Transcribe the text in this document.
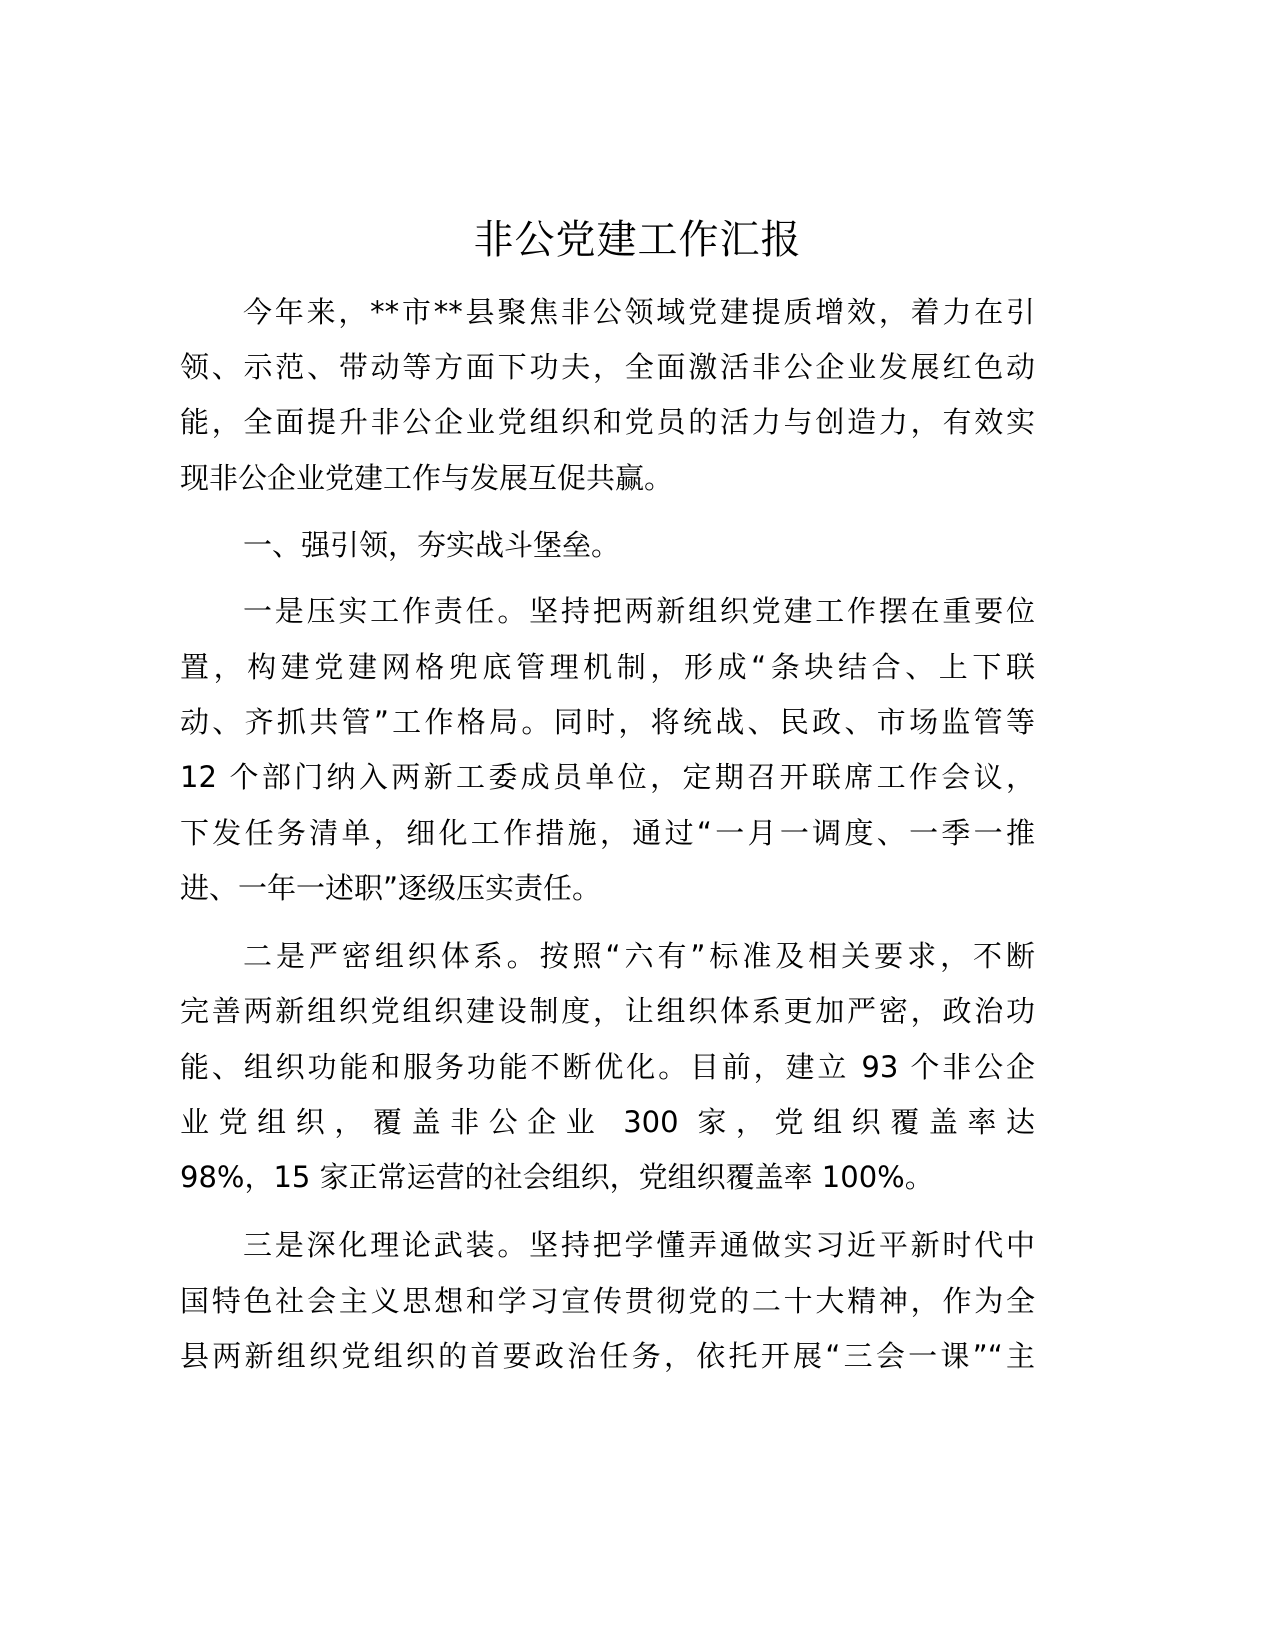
非公党建工作汇报
今年来，**市**县聚焦非公领域党建提质增效，着力在引
领、示范、带动等方面下功夫，全面激活非公企业发展红色动
能，全面提升非公企业党组织和党员的活力与创造力，有效实
现非公企业党建工作与发展互促共赢。
一、强引领，夯实战斗堡垒。
一是压实工作责任。坚持把两新组织党建工作摆在重要位
置，构建党建网格兜底管理机制，形成“条块结合、上下联
动、齐抓共管”工作格局。同时，将统战、民政、市场监管等
12 个部门纳入两新工委成员单位，定期召开联席工作会议，
下发任务清单，细化工作措施，通过“一月一调度、一季一推
进、一年一述职”逐级压实责任。
二是严密组织体系。按照“六有”标准及相关要求，不断
完善两新组织党组织建设制度，让组织体系更加严密，政治功
能、组织功能和服务功能不断优化。目前，建立 93 个非公企
业党组织，覆盖非公企业 300 家，党组织覆盖率达
98%，15 家正常运营的社会组织，党组织覆盖率 100%。
三是深化理论武装。坚持把学懂弄通做实习近平新时代中
国特色社会主义思想和学习宣传贯彻党的二十大精神，作为全
县两新组织党组织的首要政治任务，依托开展“三会一课”“主
